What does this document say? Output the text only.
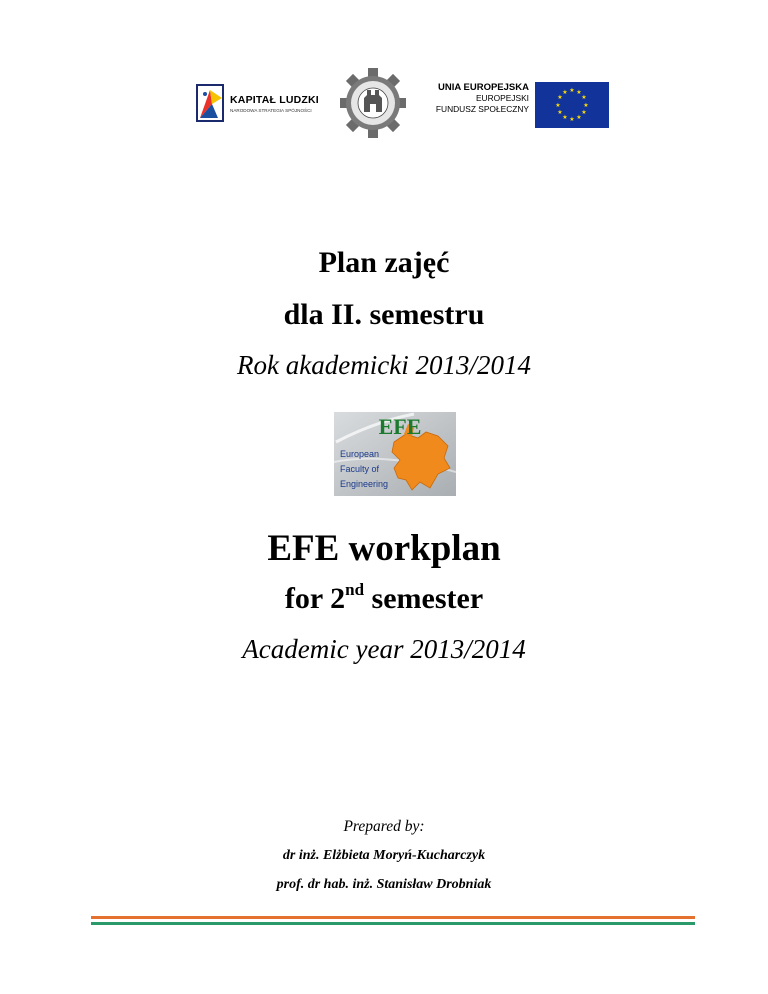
KAPITAŁ LUDZKI
NARODOWA STRATEGIA SPÓJNOŚCI
UNIA EUROPEJSKA
EUROPEJSKI
FUNDUSZ SPOŁECZNY
★ ★
★
★
★
★
★
★
★
★
★
★
Plan zajęć
dla II. semestru
Rok akademicki 2013/2014
EFE
European
Faculty of
Engineering
EFE workplan
for 2nd semester
Academic year 2013/2014
Prepared by:
dr inż. Elżbieta Moryń-Kucharczyk
prof. dr hab. inż. Stanisław Drobniak
